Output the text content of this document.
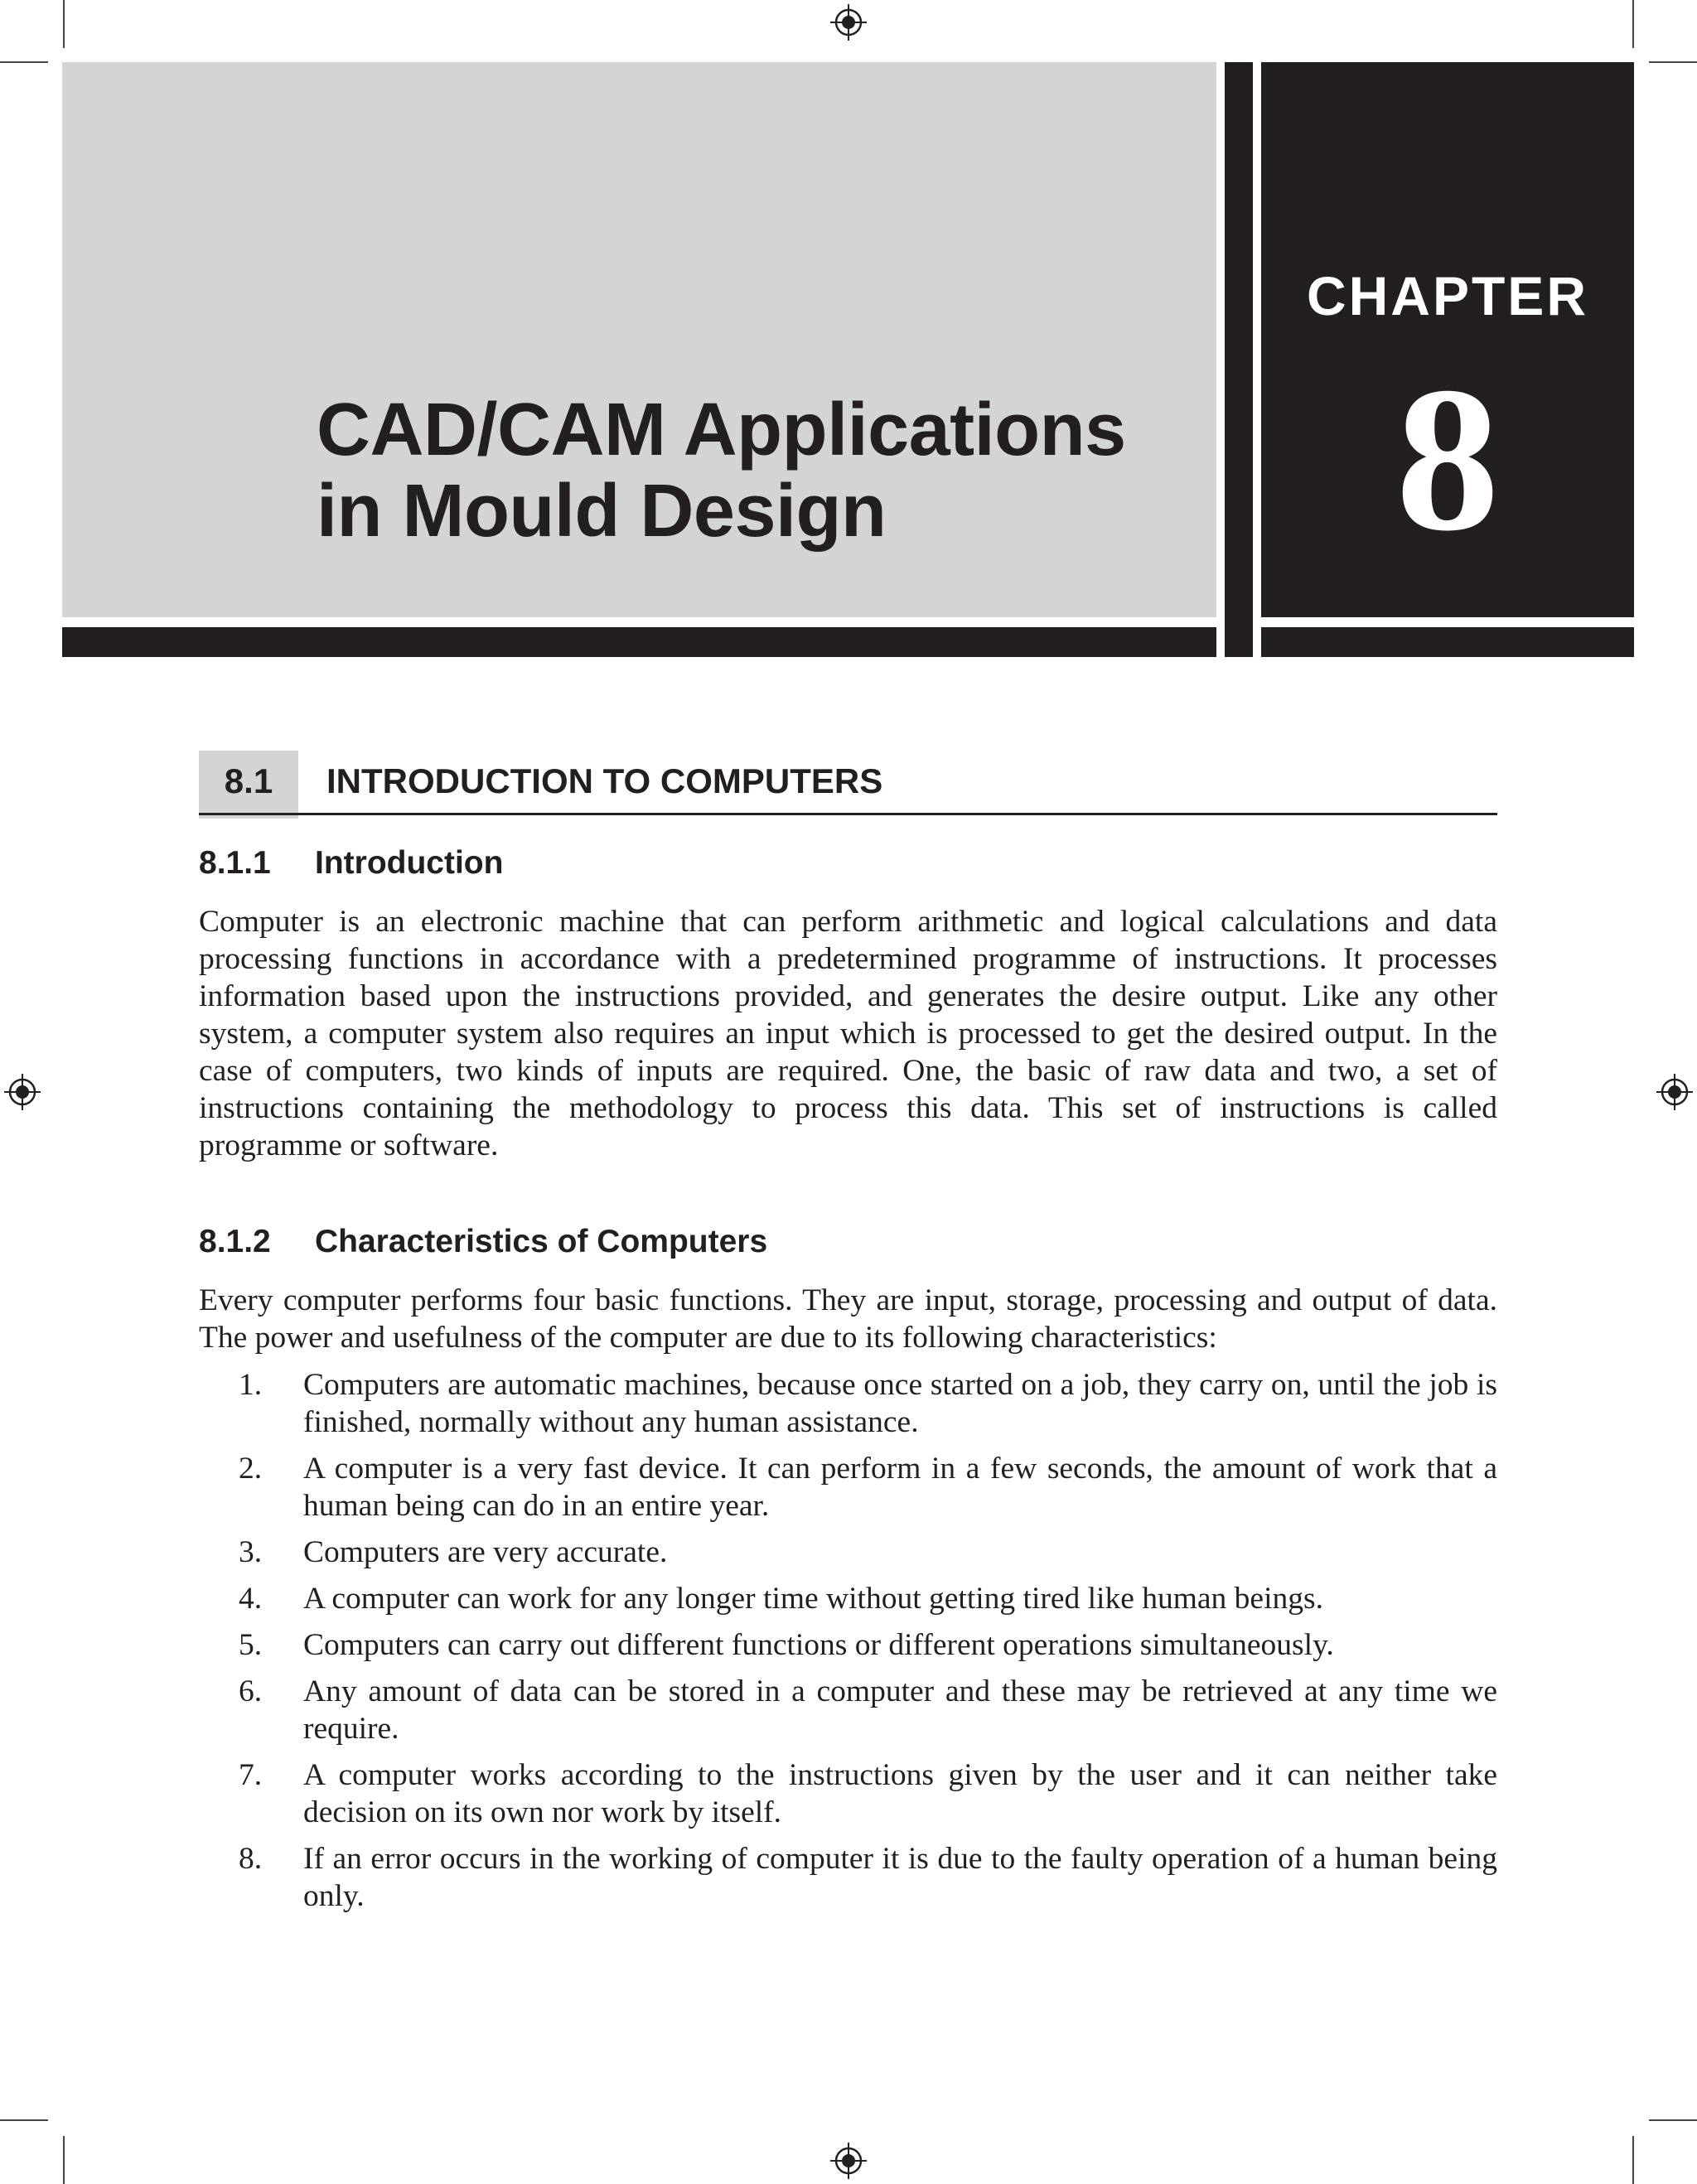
CAD/CAM Applications
in Mould Design
CHAPTER
8
8.1	INTRODUCTION TO COMPUTERS
8.1.1 Introduction

Computer is an electronic machine that can perform arithmetic and logical calculations and data processing functions in accordance with a predetermined programme of instructions. It processes information based upon the instructions provided, and generates the desire output. Like any other system, a computer system also requires an input which is processed to get the desired output. In the case of computers, two kinds of inputs are required. One, the basic of raw data and two, a set of instructions containing the methodology to process this data. This set of instructions is called programme or software.

8.1.2 Characteristics of Computers

Every computer performs four basic functions. They are input, storage, processing and output of data. The power and usefulness of the computer are due to its following characteristics:

1.	Computers are automatic machines, because once started on a job, they carry on, until the job is finished, normally without any human assistance.
2.	A computer is a very fast device. It can perform in a few seconds, the amount of work that a human being can do in an entire year.
3.	Computers are very accurate.
4.	A computer can work for any longer time without getting tired like human beings.
5.	Computers can carry out different functions or different operations simultaneously.
6.	Any amount of data can be stored in a computer and these may be retrieved at any time we require.
7.	A computer works according to the instructions given by the user and it can neither take decision on its own nor work by itself.
8.	If an error occurs in the working of computer it is due to the faulty operation of a human being only.
